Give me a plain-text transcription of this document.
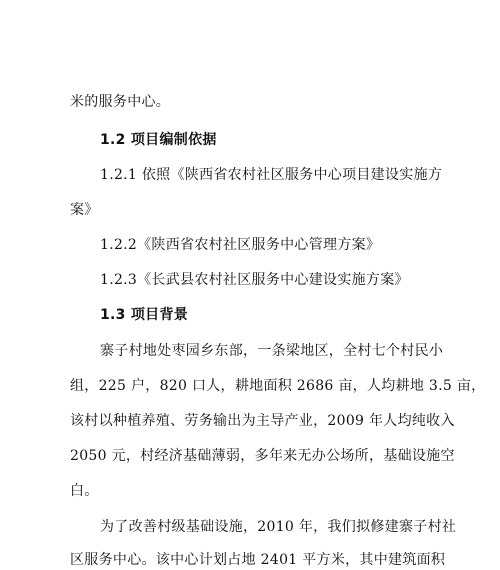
米的服务中心。
1.2 项目编制依据
1.2.1 依照《陕西省农村社区服务中心项目建设实施方
案》
1.2.2《陕西省农村社区服务中心管理方案》
1.2.3《长武县农村社区服务中心建设实施方案》
1.3 项目背景
寨子村地处枣园乡东部，一条梁地区，全村七个村民小
组，225 户，820 口人，耕地面积 2686 亩，人均耕地 3.5 亩，
该村以种植养殖、劳务输出为主导产业，2009 年人均纯收入
2050 元，村经济基础薄弱，多年来无办公场所，基础设施空
白。
为了改善村级基础设施，2010 年，我们拟修建寨子村社
区服务中心。该中心计划占地 2401 平方米，其中建筑面积
